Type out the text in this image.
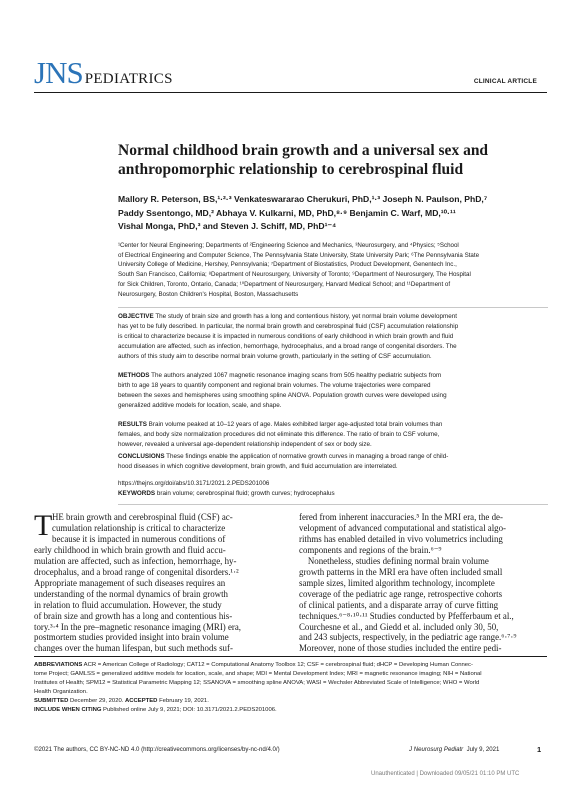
JNS PEDIATRICS	CLINICAL ARTICLE
Normal childhood brain growth and a universal sex and
anthropomorphic relationship to cerebrospinal fluid
Mallory R. Peterson, BS,¹·²·³ Venkateswararao Cherukuri, PhD,¹·³ Joseph N. Paulson, PhD,⁷
Paddy Ssentongo, MD,² Abhaya V. Kulkarni, MD, PhD,⁸·⁹ Benjamin C. Warf, MD,¹⁰·¹¹
Vishal Monga, PhD,³ and Steven J. Schiff, MD, PhD¹⁻⁴
¹Center for Neural Engineering; Departments of ²Engineering Science and Mechanics, ³Neurosurgery, and ⁴Physics; ⁵School
of Electrical Engineering and Computer Science, The Pennsylvania State University, State University Park; ⁶The Pennsylvania State
University College of Medicine, Hershey, Pennsylvania; ⁷Department of Biostatistics, Product Development, Genentech Inc.,
South San Francisco, California; ⁸Department of Neurosurgery, University of Toronto; ⁹Department of Neurosurgery, The Hospital
for Sick Children, Toronto, Ontario, Canada; ¹⁰Department of Neurosurgery, Harvard Medical School; and ¹¹Department of
Neurosurgery, Boston Children's Hospital, Boston, Massachusetts
OBJECTIVE The study of brain size and growth has a long and contentious history, yet normal brain volume development
has yet to be fully described. In particular, the normal brain growth and cerebrospinal fluid (CSF) accumulation relationship
is critical to characterize because it is impacted in numerous conditions of early childhood in which brain growth and fluid
accumulation are affected, such as infection, hemorrhage, hydrocephalus, and a broad range of congenital disorders. The
authors of this study aim to describe normal brain volume growth, particularly in the setting of CSF accumulation.
METHODS The authors analyzed 1067 magnetic resonance imaging scans from 505 healthy pediatric subjects from
birth to age 18 years to quantify component and regional brain volumes. The volume trajectories were compared
between the sexes and hemispheres using smoothing spline ANOVA. Population growth curves were developed using
generalized additive models for location, scale, and shape.
RESULTS Brain volume peaked at 10–12 years of age. Males exhibited larger age-adjusted total brain volumes than
females, and body size normalization procedures did not eliminate this difference. The ratio of brain to CSF volume,
however, revealed a universal age-dependent relationship independent of sex or body size.
CONCLUSIONS These findings enable the application of normative growth curves in managing a broad range of child-
hood diseases in which cognitive development, brain growth, and fluid accumulation are interrelated.
https://thejns.org/doi/abs/10.3171/2021.2.PEDS201006
KEYWORDS brain volume; cerebrospinal fluid; growth curves; hydrocephalus
T HE brain growth and cerebrospinal fluid (CSF) ac-
cumulation relationship is critical to characterize
because it is impacted in numerous conditions of
early childhood in which brain growth and fluid accu-
mulation are affected, such as infection, hemorrhage, hy-
drocephalus, and a broad range of congenital disorders.¹·²
Appropriate management of such diseases requires an
understanding of the normal dynamics of brain growth
in relation to fluid accumulation. However, the study
of brain size and growth has a long and contentious his-
tory.³·⁴ In the pre–magnetic resonance imaging (MRI) era,
postmortem studies provided insight into brain volume
changes over the human lifespan, but such methods suf-
fered from inherent inaccuracies.⁵ In the MRI era, the de-
velopment of advanced computational and statistical algo-
rithms has enabled detailed in vivo volumetrics including
components and regions of the brain.⁶⁻⁹
Nonetheless, studies defining normal brain volume
growth patterns in the MRI era have often included small
sample sizes, limited algorithm technology, incomplete
coverage of the pediatric age range, retrospective cohorts
of clinical patients, and a disparate array of curve fitting
techniques.⁶⁻⁸·¹⁰·¹¹ Studies conducted by Pfefferbaum et al.,
Courchesne et al., and Giedd et al. included only 30, 50,
and 243 subjects, respectively, in the pediatric age range.⁶·⁷·⁹
Moreover, none of those studies included the entire pedi-
ABBREVIATIONS ACR = American College of Radiology; CAT12 = Computational Anatomy Toolbox 12; CSF = cerebrospinal fluid; dHCP = Developing Human Connec-
tome Project; GAMLSS = generalized additive models for location, scale, and shape; MDI = Mental Development Index; MRI = magnetic resonance imaging; NIH = National
Institutes of Health; SPM12 = Statistical Parametric Mapping 12; SSANOVA = smoothing spline ANOVA; WASI = Wechsler Abbreviated Scale of Intelligence; WHO = World
Health Organization.
SUBMITTED December 29, 2020. ACCEPTED February 19, 2021.
INCLUDE WHEN CITING Published online July 9, 2021; DOI: 10.3171/2021.2.PEDS201006.
©2021 The authors, CC BY-NC-ND 4.0 (http://creativecommons.org/licenses/by-nc-nd/4.0/)	J Neurosurg Pediatr  July 9, 2021	1
Unauthenticated | Downloaded 09/05/21 01:10 PM UTC
